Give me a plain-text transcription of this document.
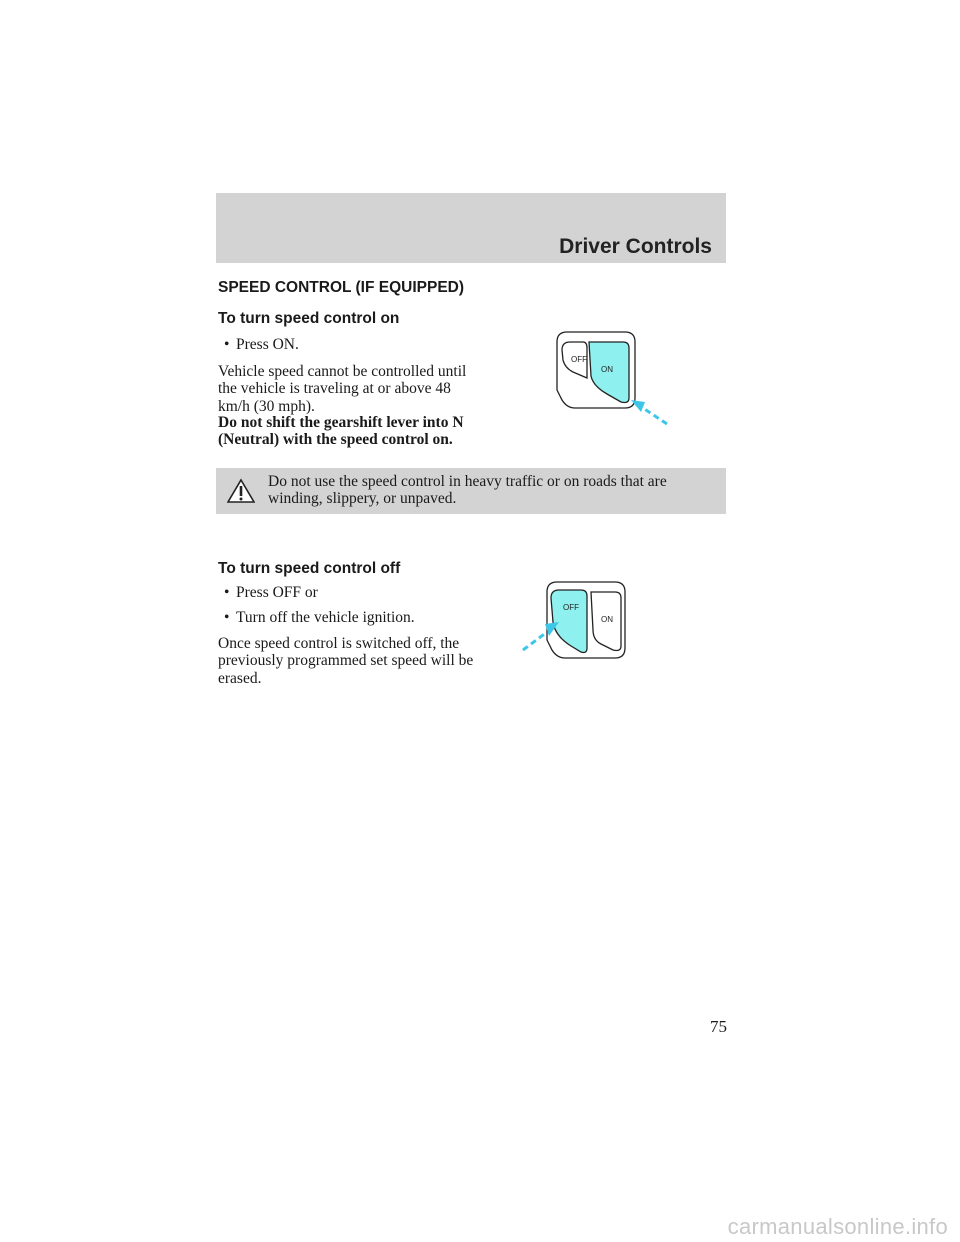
Driver Controls
SPEED CONTROL (IF EQUIPPED)
To turn speed control on
• Press ON.
Vehicle speed cannot be controlled until the vehicle is traveling at or above 48 km/h (30 mph).
Do not shift the gearshift lever into N (Neutral) with the speed control on.
OFF
ON
Do not use the speed control in heavy traffic or on roads that are winding, slippery, or unpaved.
To turn speed control off
• Press OFF or
• Turn off the vehicle ignition.
Once speed control is switched off, the previously programmed set speed will be erased.
OFF
ON
75
carmanualsonline.info
